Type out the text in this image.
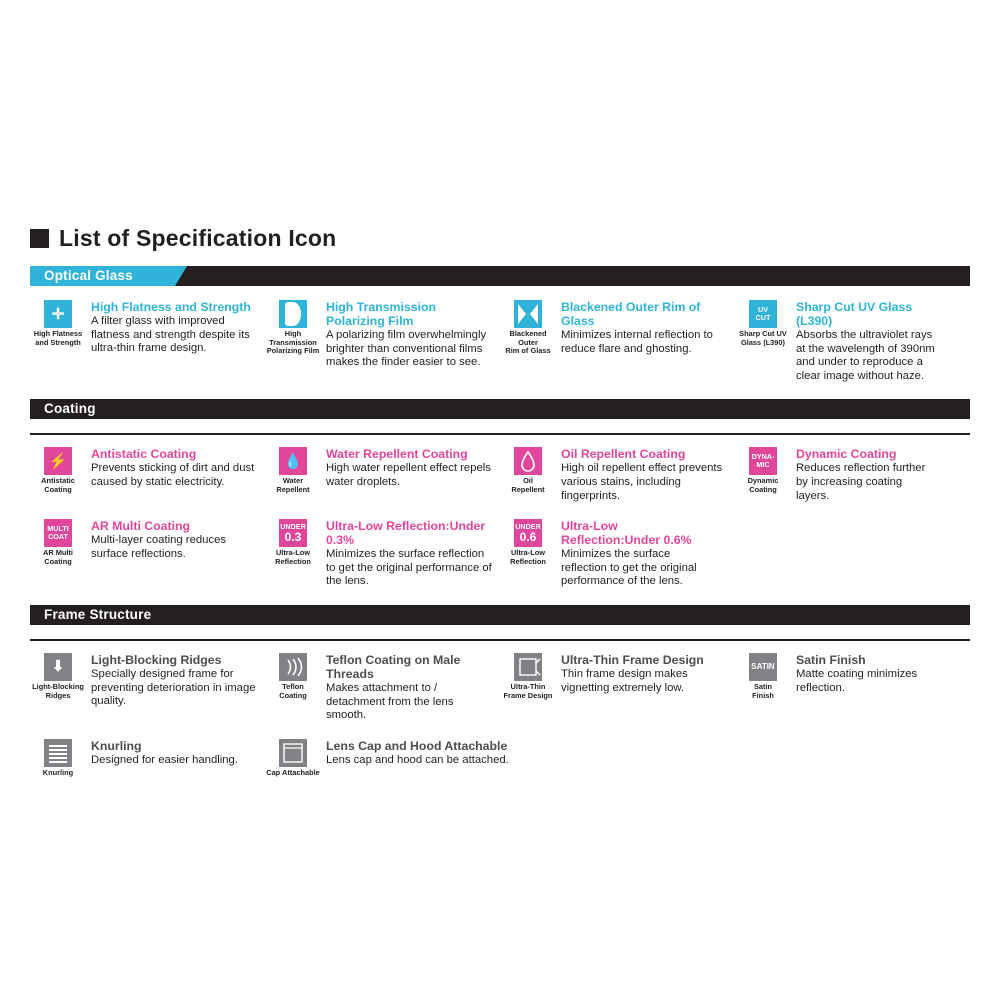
List of Specification Icon
Optical Glass
✛
High Flatness
and Strength
High Flatness and Strength
A filter glass with improved flatness and strength despite its ultra-thin frame design.
High Transmission
Polarizing Film
High Transmission Polarizing Film
A polarizing film overwhelmingly brighter than conventional films makes the finder easier to see.
Blackened Outer
Rim of Glass
Blackened Outer Rim of Glass
Minimizes internal reflection to reduce flare and ghosting.
UV
CUT
Sharp Cut UV
Glass (L390)
Sharp Cut UV Glass (L390)
Absorbs the ultraviolet rays at the wavelength of 390nm and under to reproduce a clear image without haze.
Coating
⚡
Antistatic
Coating
Antistatic Coating
Prevents sticking of dirt and dust caused by static electricity.
💧
Water
Repellent
Water Repellent Coating
High water repellent effect repels water droplets.	Oil
Repellent
Oil Repellent Coating
High oil repellent effect prevents various stains, including fingerprints.
DYNA-
MIC
Dynamic
Coating
Dynamic Coating
Reduces reflection further by increasing coating layers.
MULTI
COAT
AR Multi
Coating
AR Multi Coating
Multi-layer coating reduces surface reflections.
UNDER
0.3
Ultra-Low
Reflection
Ultra-Low Reflection:Under 0.3%
Minimizes the surface reflection to get the original performance of the lens.
UNDER
0.6
Ultra-Low
Reflection
Ultra-Low Reflection:Under 0.6%
Minimizes the surface reflection to get the original performance of the lens.
Frame Structure
⬇
Light-Blocking
Ridges
Light-Blocking Ridges
Specially designed frame for preventing deterioration in image quality.
Teflon
Coating
Teflon Coating on Male Threads
Makes attachment to / detachment from the lens smooth.
Ultra-Thin
Frame Design
Ultra-Thin Frame Design
Thin frame design makes vignetting extremely low.
SATIN
Satin
Finish
Satin Finish
Matte coating minimizes reflection.
Knurling
Knurling
Designed for easier handling.
Cap Attachable
Lens Cap and Hood Attachable
Lens cap and hood can be attached.
